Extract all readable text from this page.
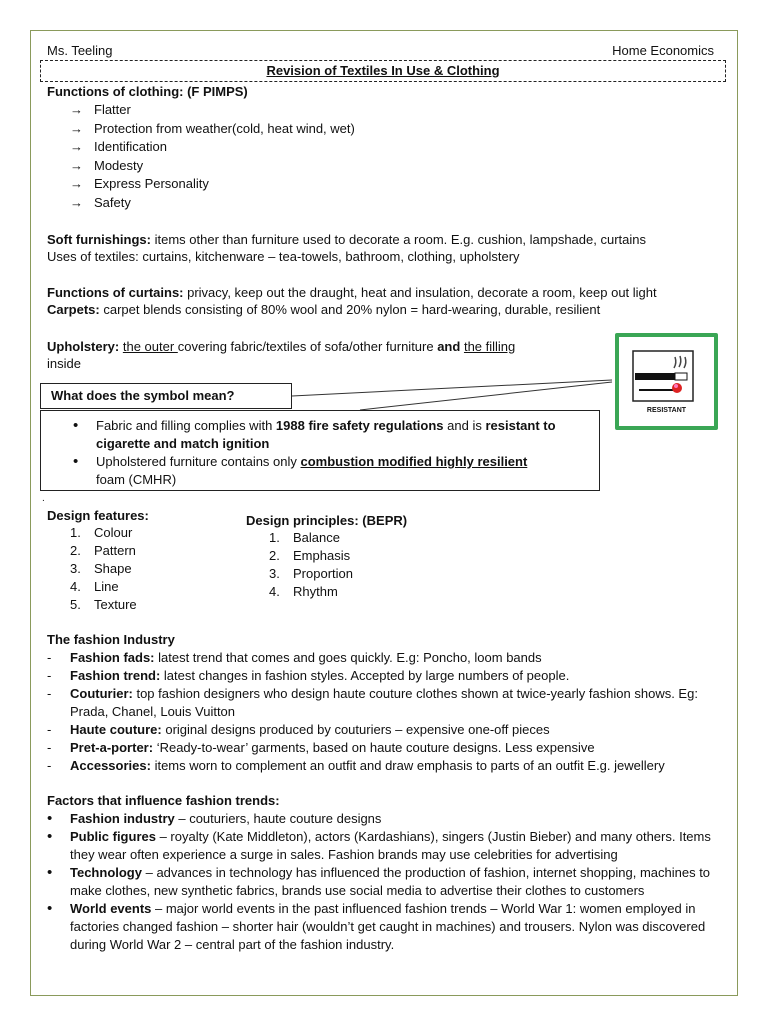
Ms. Teeling	Home Economics
Revision of Textiles In Use & Clothing
Functions of clothing: (F PIMPS)
→ Flatter
→ Protection from weather(cold, heat wind, wet)
→ Identification
→ Modesty
→ Express Personality
→ Safety
Soft furnishings: items other than furniture used to decorate a room. E.g. cushion, lampshade, curtains
Uses of textiles: curtains, kitchenware – tea-towels, bathroom, clothing, upholstery
Functions of curtains: privacy, keep out the draught, heat and insulation, decorate a room, keep out light
Carpets: carpet blends consisting of 80% wool and 20% nylon = hard-wearing, durable, resilient
Upholstery: the outer covering fabric/textiles of sofa/other furniture and the filling
inside
What does the symbol mean?
• Fabric and filling complies with 1988 fire safety regulations and is resistant to
cigarette and match ignition
• Upholstered furniture contains only combustion modified highly resilient
foam (CMHR)
RESISTANT
.
Design features:
1. Colour
2. Pattern
3. Shape
4. Line
5. Texture
Design principles: (BEPR)
1. Balance
2. Emphasis
3. Proportion
4. Rhythm
The fashion Industry
- Fashion fads: latest trend that comes and goes quickly. E.g: Poncho, loom bands
- Fashion trend: latest changes in fashion styles. Accepted by large numbers of people.
- Couturier: top fashion designers who design haute couture clothes shown at twice-yearly fashion shows. Eg: Prada, Chanel, Louis Vuitton
- Haute couture: original designs produced by couturiers – expensive one-off pieces
- Pret-a-porter: ‘Ready-to-wear’ garments, based on haute couture designs. Less expensive
- Accessories: items worn to complement an outfit and draw emphasis to parts of an outfit E.g. jewellery
Factors that influence fashion trends:
• Fashion industry – couturiers, haute couture designs
• Public figures – royalty (Kate Middleton), actors (Kardashians), singers (Justin Bieber) and many others. Items they wear often experience a surge in sales. Fashion brands may use celebrities for advertising
• Technology – advances in technology has influenced the production of fashion, internet shopping, machines to make clothes, new synthetic fabrics, brands use social media to advertise their clothes to customers
• World events – major world events in the past influenced fashion trends – World War 1: women employed in factories changed fashion – shorter hair (wouldn’t get caught in machines) and trousers. Nylon was discovered during World War 2 – central part of the fashion industry.
